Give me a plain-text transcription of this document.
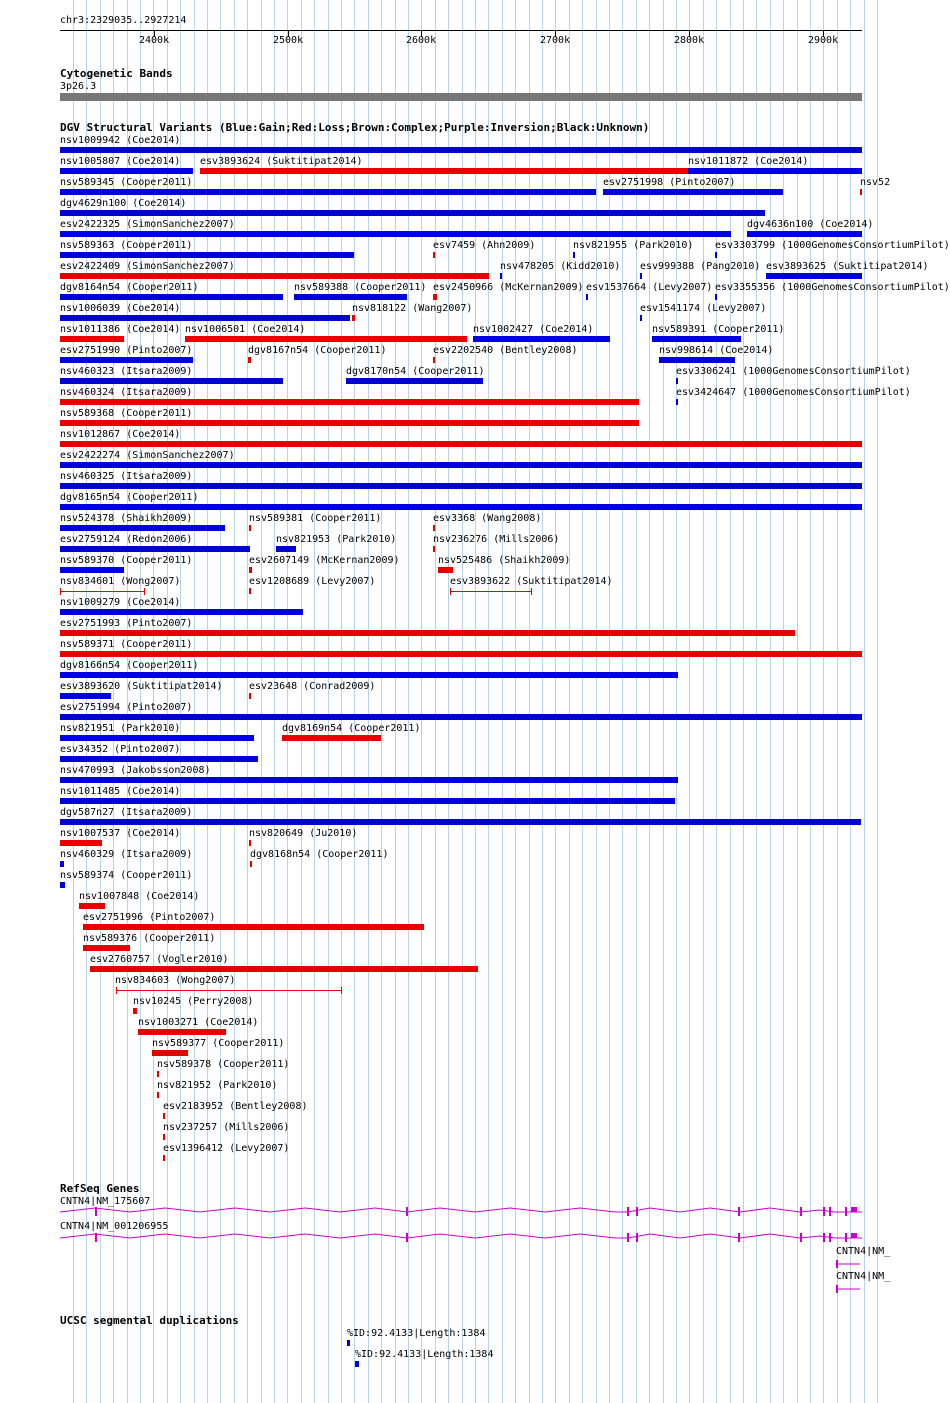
chr3:2329035..2927214
2400k	2500k	2600k	2700k	2800k	2900k
Cytogenetic Bands
3p26.3
DGV Structural Variants (Blue:Gain;Red:Loss;Brown:Complex;Purple:Inversion;Black:Unknown)
nsv1009942 (Coe2014)
nsv1005807 (Coe2014) esv3893624 (Suktitipat2014)	nsv1011872 (Coe2014)
nsv589345 (Cooper2011)	esv2751998 (Pinto2007)	nsv52
dgv4629n100 (Coe2014)
esv2422325 (SimonSanchez2007)	dgv4636n100 (Coe2014)
nsv589363 (Cooper2011)	esv7459 (Ahn2009)	nsv821955 (Park2010) esv3303799 (1000GenomesConsortiumPilot)
esv2422409 (SimonSanchez2007)	nsv478205 (Kidd2010) esv999388 (Pang2010) esv3893625 (Suktitipat2014)
dgv8164n54 (Cooper2011)	nsv589388 (Cooper2011) esv2450966 (McKernan2009) esv1537664 (Levy2007) esv3355356 (1000GenomesConsortiumPilot)
nsv1006039 (Coe2014)	nsv818122 (Wang2007)	esv1541174 (Levy2007)
nsv1011386 (Coe2014) nsv1006501 (Coe2014)	nsv1002427 (Coe2014)	nsv589391 (Cooper2011)
esv2751990 (Pinto2007)	dgv8167n54 (Cooper2011)	esv2202540 (Bentley2008)	nsv998614 (Coe2014)
nsv460323 (Itsara2009)	dgv8170n54 (Cooper2011)	esv3306241 (1000GenomesConsortiumPilot)
nsv460324 (Itsara2009)	esv3424647 (1000GenomesConsortiumPilot)
nsv589368 (Cooper2011)
nsv1012867 (Coe2014)
esv2422274 (SimonSanchez2007)
nsv460325 (Itsara2009)
dgv8165n54 (Cooper2011)
nsv524378 (Shaikh2009)	nsv589381 (Cooper2011)	esv3368 (Wang2008)
esv2759124 (Redon2006)	nsv821953 (Park2010)	nsv236276 (Mills2006)
nsv589370 (Cooper2011)	esv2607149 (McKernan2009)	nsv525486 (Shaikh2009)
nsv834601 (Wong2007)	esv1208689 (Levy2007)	esv3893622 (Suktitipat2014)
nsv1009279 (Coe2014)
esv2751993 (Pinto2007)
nsv589371 (Cooper2011)
dgv8166n54 (Cooper2011)
esv3893620 (Suktitipat2014)	esv23648 (Conrad2009)
esv2751994 (Pinto2007)
nsv821951 (Park2010)	dgv8169n54 (Cooper2011)
esv34352 (Pinto2007)
nsv470993 (Jakobsson2008)
nsv1011485 (Coe2014)
dgv587n27 (Itsara2009)
nsv1007537 (Coe2014)	nsv820649 (Ju2010)
nsv460329 (Itsara2009)	dgv8168n54 (Cooper2011)
nsv589374 (Cooper2011)
nsv1007848 (Coe2014)
esv2751996 (Pinto2007)
nsv589376 (Cooper2011)
esv2760757 (Vogler2010)
nsv834603 (Wong2007)
nsv10245 (Perry2008)
nsv1003271 (Coe2014)
nsv589377 (Cooper2011)
nsv589378 (Cooper2011)
nsv821952 (Park2010)
esv2183952 (Bentley2008)
nsv237257 (Mills2006)
esv1396412 (Levy2007)
RefSeq Genes
CNTN4|NM_175607
CNTN4|NM_001206955
CNTN4|NM_
CNTN4|NM_
UCSC segmental duplications
%ID:92.4133|Length:1384
%ID:92.4133|Length:1384
